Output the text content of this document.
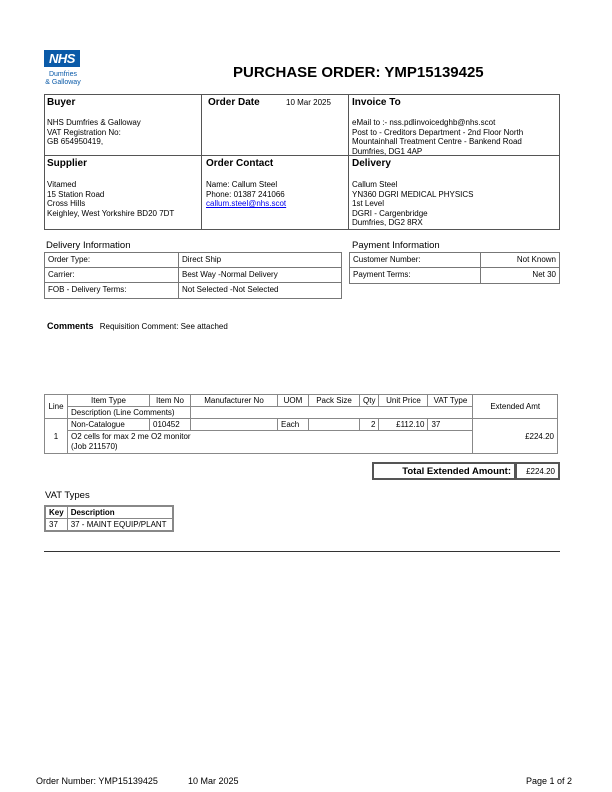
NHS
Dumfries
& Galloway
PURCHASE ORDER: YMP15139425
Buyer
NHS Dumfries & Galloway
VAT Registration No:
GB 654950419,
Order Date	10 Mar 2025 Invoice To
eMail to :- nss.pdlinvoicedghb@nhs.scot
Post to - Creditors Department - 2nd Floor North
Mountainhall Treatment Centre - Bankend Road
Dumfries, DG1 4AP
Supplier
Vitamed
15 Station Road
Cross Hills
Keighley, West Yorkshire BD20 7DT
Order Contact
Name: Callum Steel
Phone: 01387 241066
callum.steel@nhs.scot
Delivery
Callum Steel
YN360 DGRI MEDICAL PHYSICS
1st Level
DGRI - Cargenbridge
Dumfries, DG2 8RX
Delivery Information
Order Type:	Direct Ship
Carrier:	Best Way -Normal Delivery
FOB - Delivery Terms:	Not Selected -Not Selected
Payment Information
Customer Number:	Not Known
Payment Terms:	Net 30
Comments Requisition Comment: See attached
Line	Item Type	Item No	Manufacturer No	UOM	Pack Size	Qty	Unit Price	VAT Type	Extended Amt
	Description (Line Comments)								
1	Non-Catalogue	010452		Each		2	£112.10	37	£224.20

	O2 cells for max 2 me O2 monitor
(Job 211570)								
Total Extended Amount:	£224.20
VAT Types
Key	Description
37	37 - MAINT EQUIP/PLANT
Order Number: YMP15139425	10 Mar 2025	Page 1 of 2
